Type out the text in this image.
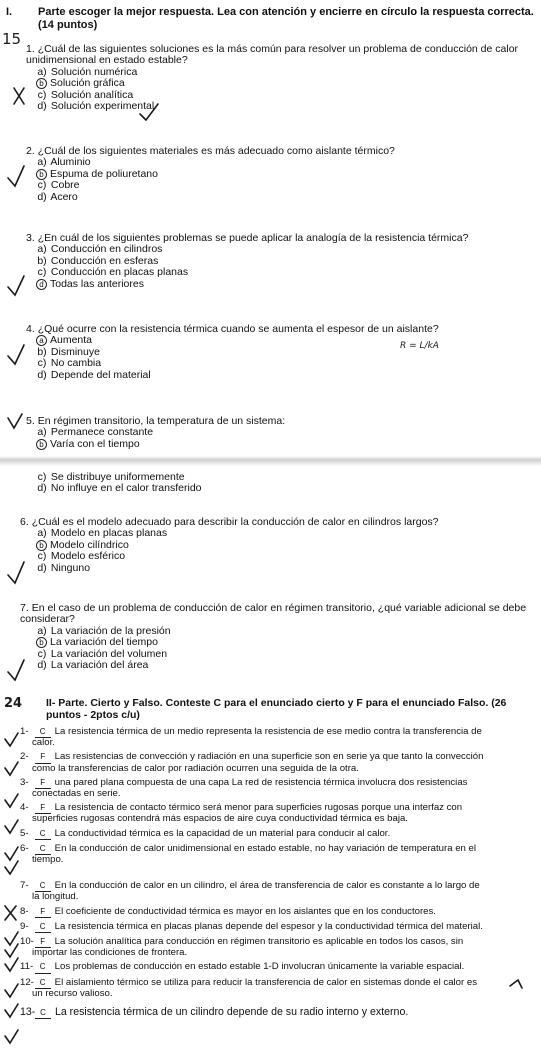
I. Parte escoger la mejor respuesta. Lea con atención y encierre en círculo la respuesta correcta.
(14 puntos)
15

1. ¿Cuál de las siguientes soluciones es la más común para resolver un problema de conducción de calor unidimensional en estado estable?

a) Solución numérica
b Solución gráfica
c) Solución analítica
d) Solución experimental

2. ¿Cuál de los siguientes materiales es más adecuado como aislante térmico?

a) Aluminio
b Espuma de poliuretano
c) Cobre
d) Acero

3. ¿En cuál de los siguientes problemas se puede aplicar la analogía de la resistencia térmica?

a) Conducción en cilindros
b) Conducción en esferas
c) Conducción en placas planas
d Todas las anteriores

4. ¿Qué ocurre con la resistencia térmica cuando se aumenta el espesor de un aislante?

a Aumenta
b) Disminuye
c) No cambia
d) Depende del material
R = L/kA

5. En régimen transitorio, la temperatura de un sistema:

a) Permanece constante
b Varía con el tiempo
c) Se distribuye uniformemente
d) No influye en el calor transferido

6. ¿Cuál es el modelo adecuado para describir la conducción de calor en cilindros largos?

a) Modelo en placas planas
b Modelo cilíndrico
c) Modelo esférico
d) Ninguno

7. En el caso de un problema de conducción de calor en régimen transitorio, ¿qué variable adicional se debe considerar?

a) La variación de la presión
b La variación del tiempo
c) La variación del volumen
d) La variación del área
24 II- Parte. Cierto y Falso. Conteste C para el enunciado cierto y F para el enunciado Falso. (26 puntos - 2ptos c/u)
1- C La resistencia térmica de un medio representa la resistencia de ese medio contra la transferencia de
calor.
2- F Las resistencias de convección y radiación en una superficie son en serie ya que tanto la convección
como la transferencias de calor por radiación ocurren una seguida de la otra.
3- F una pared plana compuesta de una capa La red de resistencia térmica involucra dos resistencias
conectadas en serie.
4- F La resistencia de contacto térmico será menor para superficies rugosas porque una interfaz con
superficies rugosas contendrá más espacios de aire cuya conductividad térmica es baja.
5- C La conductividad térmica es la capacidad de un material para conducir al calor.
6- C En la conducción de calor unidimensional en estado estable, no hay variación de temperatura en el
tiempo.
7- C En la conducción de calor en un cilindro, el área de transferencia de calor es constante a lo largo de
la longitud.
8- F El coeficiente de conductividad térmica es mayor en los aislantes que en los conductores.
9- C La resistencia térmica en placas planas depende del espesor y la conductividad térmica del material.
10- F La solución analítica para conducción en régimen transitorio es aplicable en todos los casos, sin
importar las condiciones de frontera.
11- C Los problemas de conducción en estado estable 1-D involucran únicamente la variable espacial.
12- C El aislamiento térmico se utiliza para reducir la transferencia de calor en sistemas donde el calor es
un recurso valioso.
13- C La resistencia térmica de un cilindro depende de su radio interno y externo.
